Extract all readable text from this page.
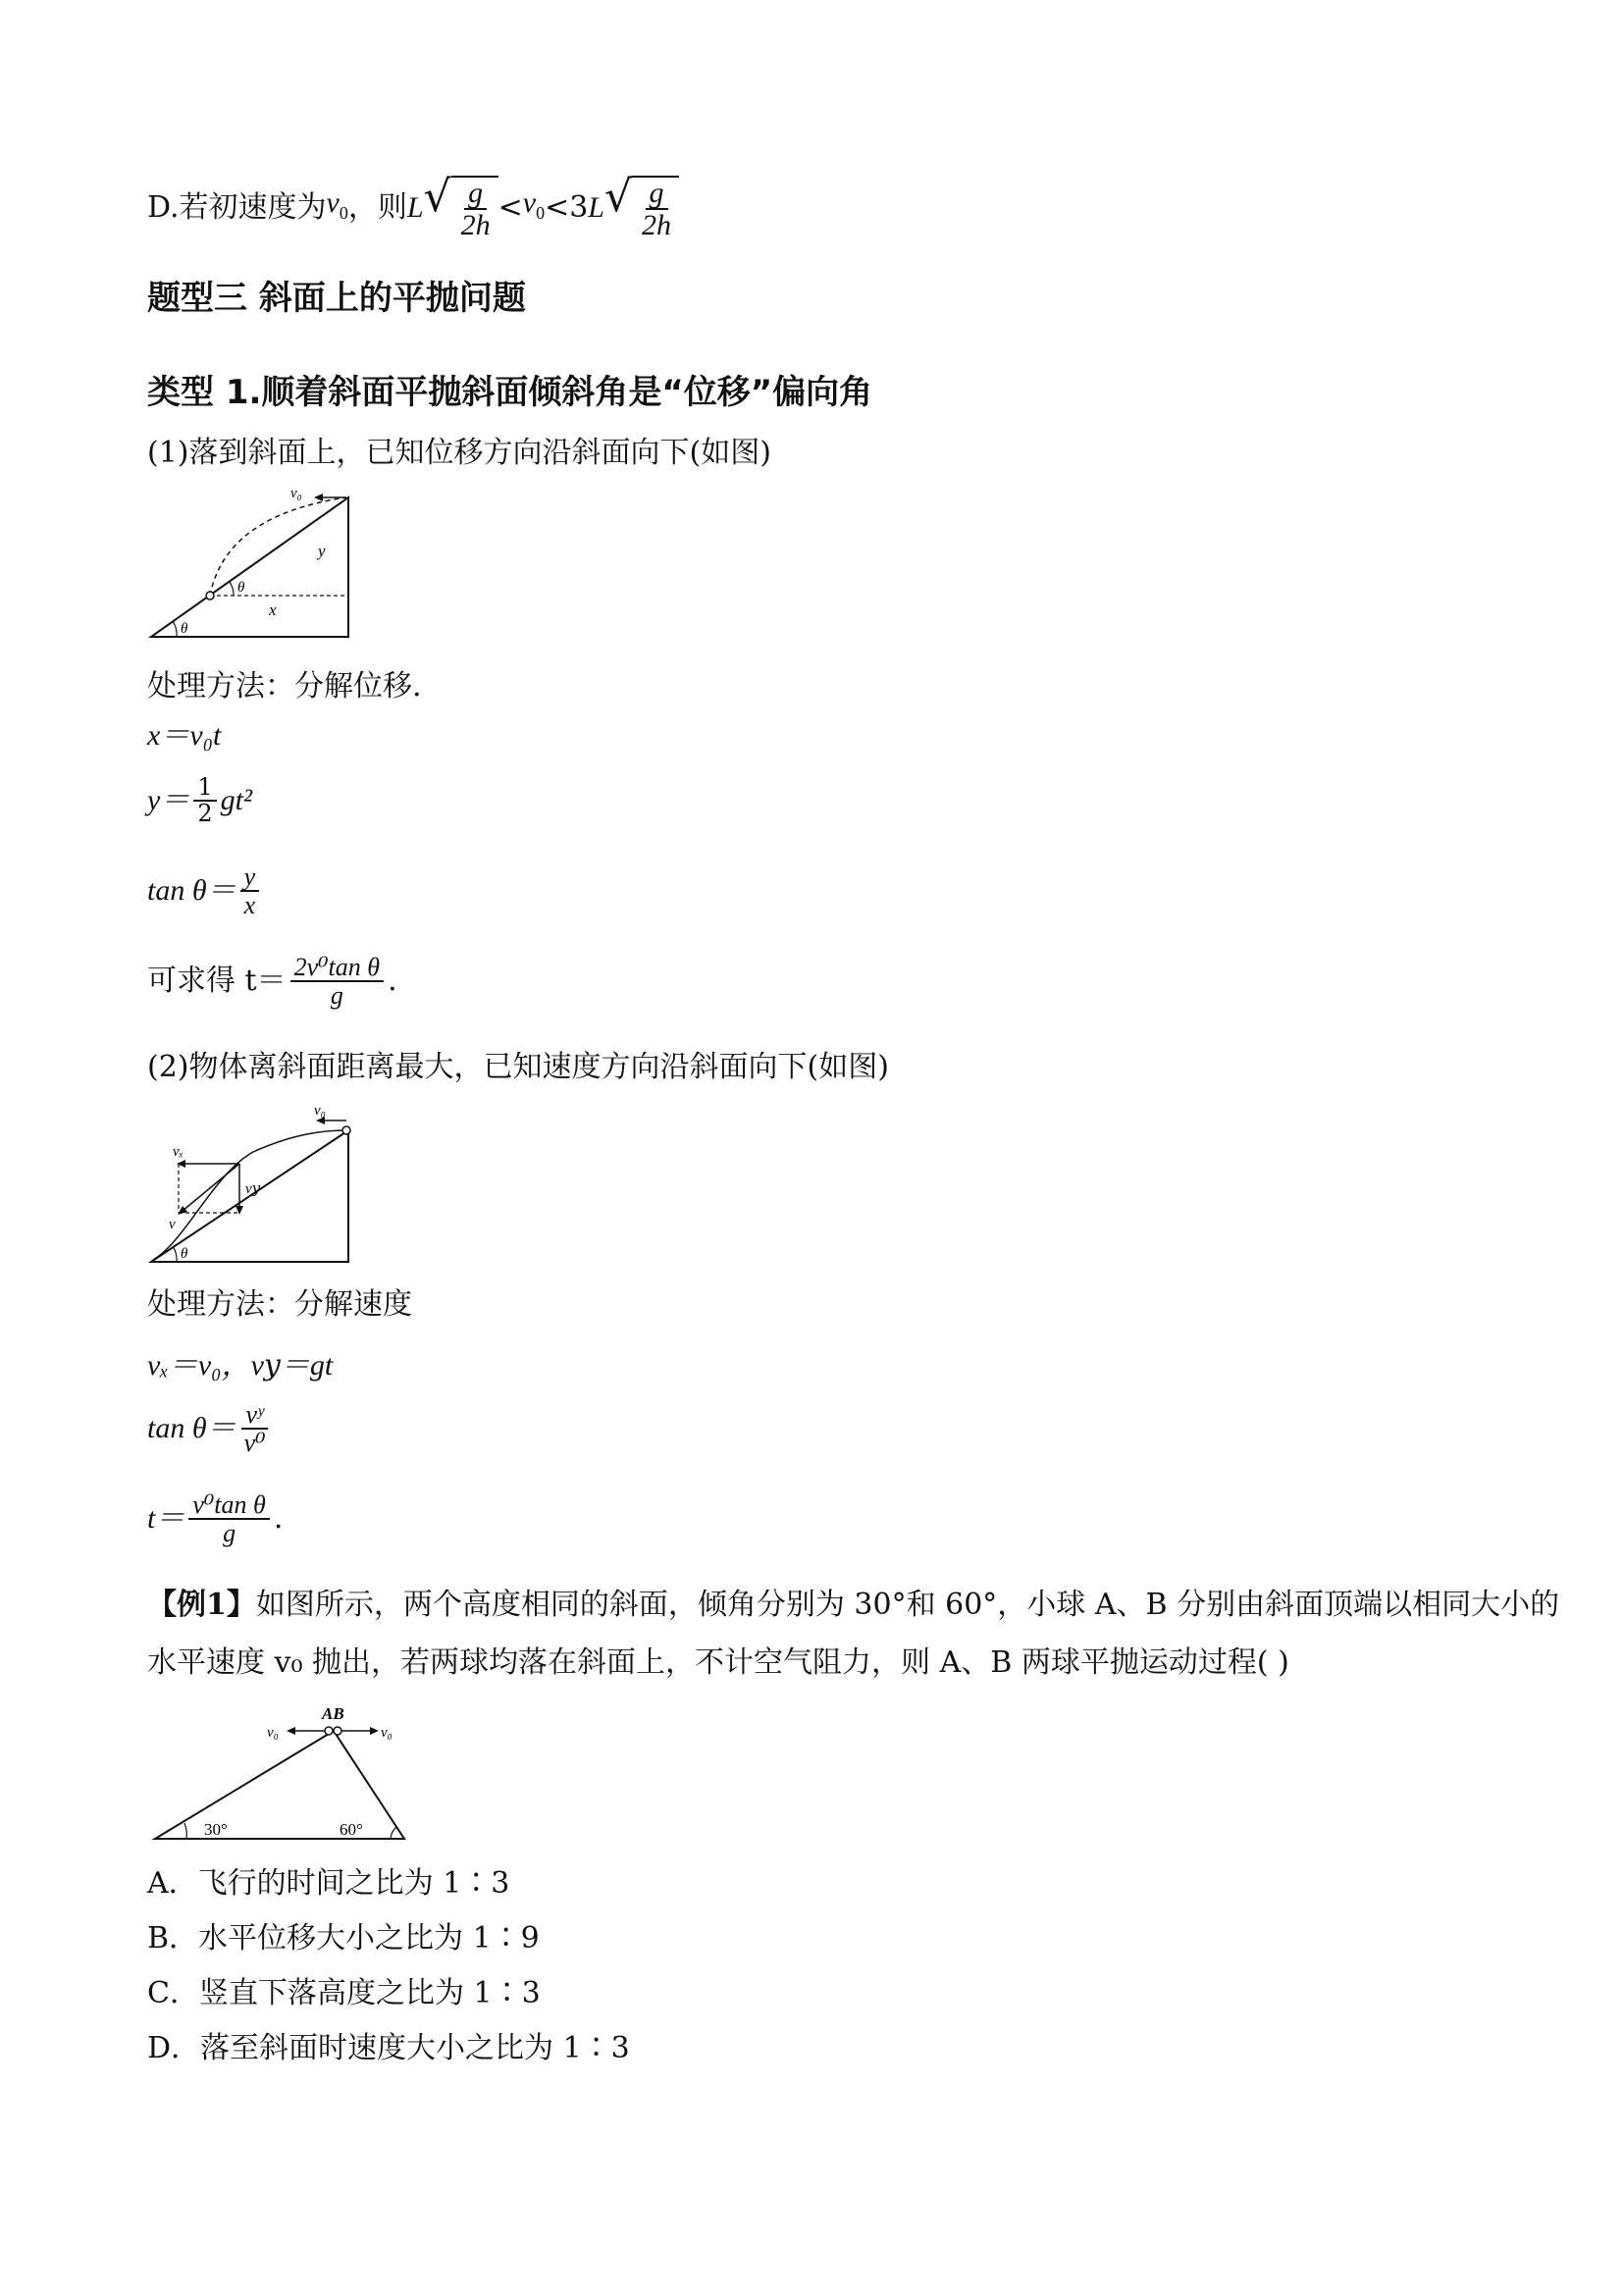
D.若初速度为 $v_0$ ，则 L √ $\frac{g}{2h} < v_0 < 3$ L √ $\frac{g}{2h}$
题型三 斜面上的平抛问题
类型 1.顺着斜面平抛斜面倾斜角是“位移”偏向角
(1)落到斜面上，已知位移方向沿斜面向下(如图)
v₀
y
x
θ
θ
处理方法：分解位移.
x＝v₀t
$y= \frac{1}{2} gt^2$
$\tan \theta= \frac{y}{x}$
可求得 $t= \frac{\text{2v⁰tan θ}}{g}$ .
(2)物体离斜面距离最大，已知速度方向沿斜面向下(如图)
v₀
vₓ
v𝑦
v
θ
处理方法：分解速度
vₓ＝v₀，v𝑦＝gt
$\tan \theta= \frac{\text{vʸ}}{\text{v⁰}}$
$t= \frac{\text{v⁰tan θ}}{g}$ .
【例1】如图所示，两个高度相同的斜面，倾角分别为 30°和 60°，小球 A、B 分别由斜面顶端以相同大小的
水平速度 v₀ 抛出，若两球均落在斜面上，不计空气阻力，则 A、B 两球平抛运动过程( )
AB
v₀	v₀
30°	60°
A．飞行的时间之比为 1∶3
B．水平位移大小之比为 1∶9
C．竖直下落高度之比为 1∶3
D．落至斜面时速度大小之比为 1∶3
